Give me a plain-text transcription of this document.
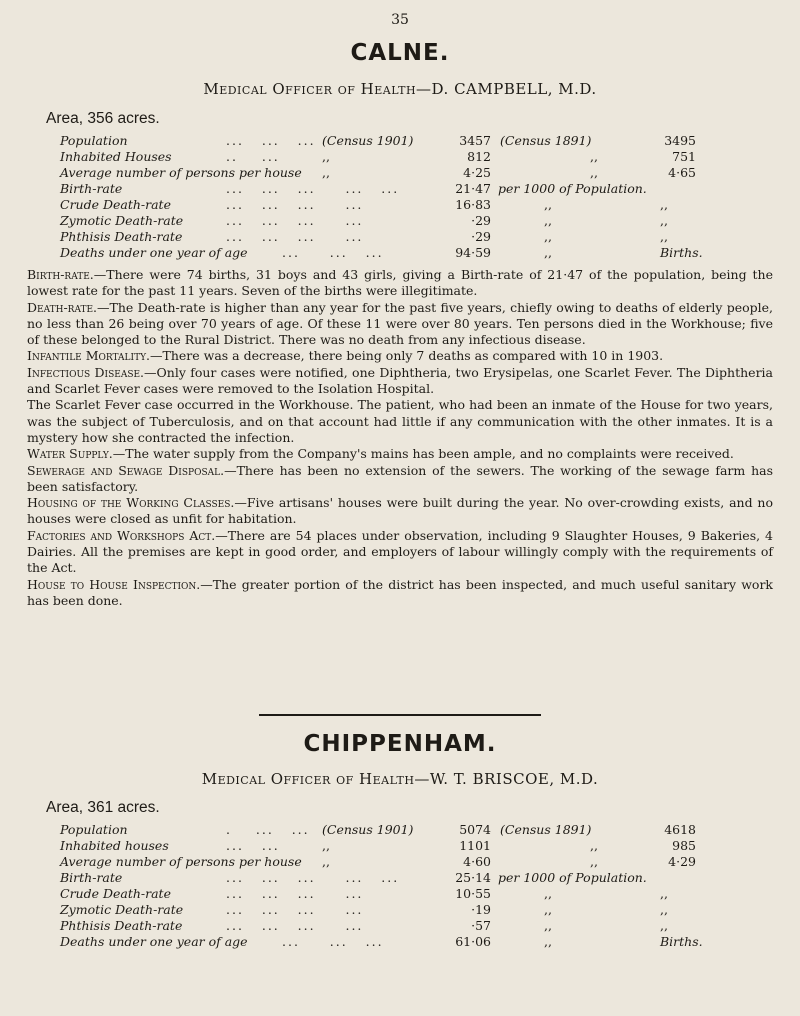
35
CALNE.
Medical Officer of Health—D. CAMPBELL, M.D.
Area, 356 acres.
Population	...   ...   ... (Census 1901)	3457 (Census 1891)	3495
Inhabited Houses	..    ...	,,	812	,,	751
Average number of persons per house ,,	4·25	,,	4·65
Birth-rate	...   ...   ...     ...   ...	21·47 per 1000 of Population.
Crude Death-rate	...   ...   ...     ...	16·83	,,	,,
Zymotic Death-rate	...   ...   ...     ...	·29	,,	,,
Phthisis Death-rate	...   ...   ...     ...	·29	,,	,,
Deaths under one year of age	...     ...   ...	94·59	,,	Births.

Birth-rate.—There were 74 births, 31 boys and 43 girls, giving a Birth-rate of 21·47 of the population, being the lowest rate for the past 11 years. Seven of the births were illegitimate.

Death-rate.—The Death-rate is higher than any year for the past five years, chiefly owing to deaths of elderly people, no less than 26 being over 70 years of age. Of these 11 were over 80 years. Ten persons died in the Workhouse; five of these belonged to the Rural District. There was no death from any infectious disease.

Infantile Mortality.—There was a decrease, there being only 7 deaths as compared with 10 in 1903.

Infectious Disease.—Only four cases were notified, one Diphtheria, two Erysipelas, one Scarlet Fever. The Diphtheria and Scarlet Fever cases were removed to the Isolation Hospital.

The Scarlet Fever case occurred in the Workhouse. The patient, who had been an inmate of the House for two years, was the subject of Tuberculosis, and on that account had little if any communication with the other inmates. It is a mystery how she contracted the infection.

Water Supply.—The water supply from the Company's mains has been ample, and no complaints were received.

Sewerage and Sewage Disposal.—There has been no extension of the sewers. The working of the sewage farm has been satisfactory.

Housing of the Working Classes.—Five artisans' houses were built during the year. No over-crowding exists, and no houses were closed as unfit for habitation.

Factories and Workshops Act.—There are 54 places under observation, including 9 Slaughter Houses, 9 Bakeries, 4 Dairies. All the premises are kept in good order, and employers of labour willingly comply with the requirements of the Act.

House to House Inspection.—The greater portion of the district has been inspected, and much useful sanitary work has been done.

CHIPPENHAM.
Medical Officer of Health—W. T. BRISCOE, M.D.
Area, 361 acres.
Population	.    ...   ... (Census 1901)	5074 (Census 1891)	4618
Inhabited houses	...   ...	,,	1101	,,	985
Average number of persons per house ,,	4·60	,,	4·29
Birth-rate	...   ...   ...     ...   ...	25·14 per 1000 of Population.
Crude Death-rate	...   ...   ...     ...	10·55	,,	,,
Zymotic Death-rate	...   ...   ...     ...	·19	,,	,,
Phthisis Death-rate	...   ...   ...     ...	·57	,,	,,
Deaths under one year of age	...     ...   ...	61·06	,,	Births.
